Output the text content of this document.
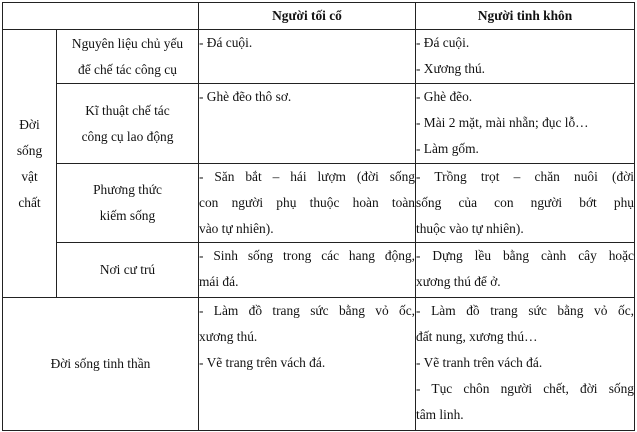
		Người tối cổ	Người tinh khôn

Đời
sống
vật
chất	Nguyên liệu chủ yếu
để chế tác công cụ	- Đá cuội.	- Đá cuội.
- Xương thú.

	Kĩ thuật chế tác
công cụ lao động	- Ghè đẽo thô sơ.	- Ghè đẽo.
- Mài 2 mặt, mài nhẵn; đục lỗ…
- Làm gốm.

	Phương thức
kiếm sống	- Săn bắt – hái lượm (đời sống
con người phụ thuộc hoàn toàn
vào tự nhiên).	- Trồng trọt – chăn nuôi (đời
sống của con người bớt phụ
thuộc vào tự nhiên).

	Nơi cư trú	- Sinh sống trong các hang động,
mái đá.	- Dựng lều bằng cành cây hoặc
xương thú để ở.

Đời sống tinh thần		- Làm đồ trang sức bằng vỏ ốc,
xương thú.
- Vẽ trang trên vách đá.	- Làm đồ trang sức bằng vỏ ốc,
đất nung, xương thú…
- Vẽ tranh trên vách đá.
- Tục chôn người chết, đời sống
tâm linh.
